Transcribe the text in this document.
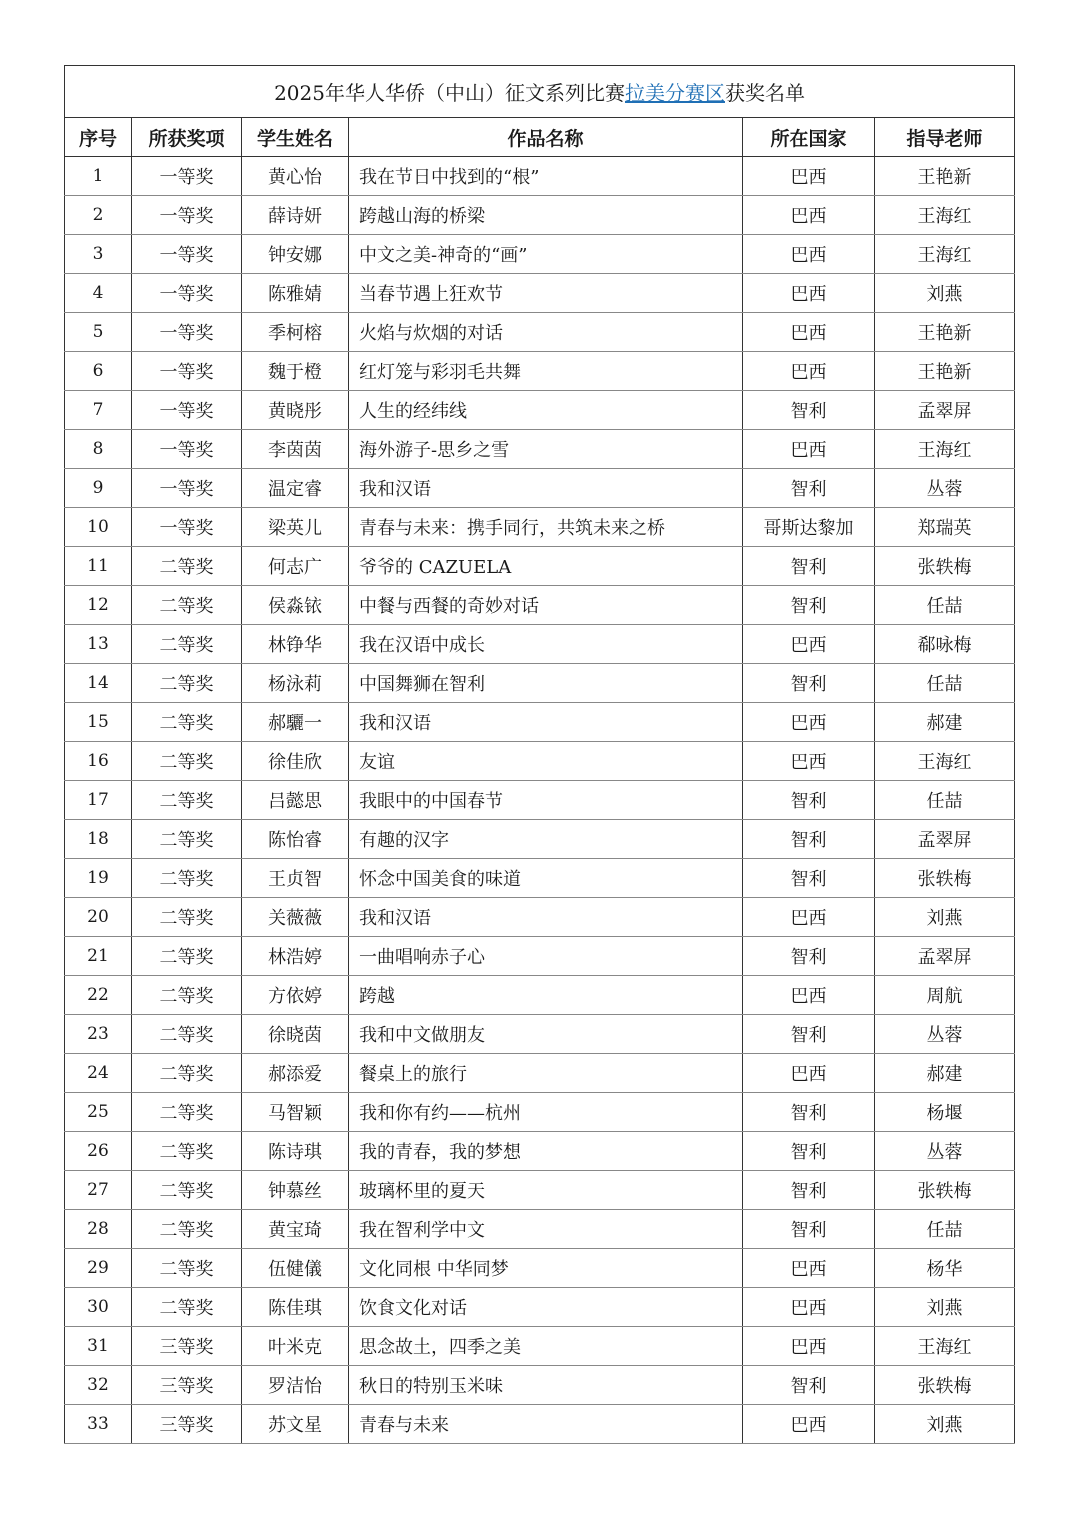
2025年华人华侨（中山）征文系列比赛拉美分赛区获奖名单					
序号	所获奖项	学生姓名	作品名称	所在国家	指导老师
1	一等奖	黄心怡	我在节日中找到的“根”	巴西	王艳新
2	一等奖	薛诗妍	跨越山海的桥梁	巴西	王海红
3	一等奖	钟安娜	中文之美-神奇的“画”	巴西	王海红
4	一等奖	陈雅婧	当春节遇上狂欢节	巴西	刘燕
5	一等奖	季柯榕	火焰与炊烟的对话	巴西	王艳新
6	一等奖	魏于橙	红灯笼与彩羽毛共舞	巴西	王艳新
7	一等奖	黄晓彤	人生的经纬线	智利	孟翠屏
8	一等奖	李茵茵	海外游子-思乡之雪	巴西	王海红
9	一等奖	温定睿	我和汉语	智利	丛蓉
10	一等奖	梁英儿	青春与未来：携手同行，共筑未来之桥	哥斯达黎加	郑瑞英
11	二等奖	何志广	爷爷的 CAZUELA	智利	张轶梅
12	二等奖	侯淼铱	中餐与西餐的奇妙对话	智利	任喆
13	二等奖	林铮华	我在汉语中成长	巴西	郗咏梅
14	二等奖	杨泳莉	中国舞狮在智利	智利	任喆
15	二等奖	郝驪一	我和汉语	巴西	郝建
16	二等奖	徐佳欣	友谊	巴西	王海红
17	二等奖	吕懿思	我眼中的中国春节	智利	任喆
18	二等奖	陈怡睿	有趣的汉字	智利	孟翠屏
19	二等奖	王贞智	怀念中国美食的味道	智利	张轶梅
20	二等奖	关薇薇	我和汉语	巴西	刘燕
21	二等奖	林浩婷	一曲唱响赤子心	智利	孟翠屏
22	二等奖	方依婷	跨越	巴西	周航
23	二等奖	徐晓茵	我和中文做朋友	智利	丛蓉
24	二等奖	郝添爱	餐桌上的旅行	巴西	郝建
25	二等奖	马智颖	我和你有约——杭州	智利	杨堰
26	二等奖	陈诗琪	我的青春，我的梦想	智利	丛蓉
27	二等奖	钟慕丝	玻璃杯里的夏天	智利	张轶梅
28	二等奖	黄宝琦	我在智利学中文	智利	任喆
29	二等奖	伍健儀	文化同根 中华同梦	巴西	杨华
30	二等奖	陈佳琪	饮食文化对话	巴西	刘燕
31	三等奖	叶米克	思念故土，四季之美	巴西	王海红
32	三等奖	罗洁怡	秋日的特别玉米味	智利	张轶梅
33	三等奖	苏文星	青春与未来	巴西	刘燕
